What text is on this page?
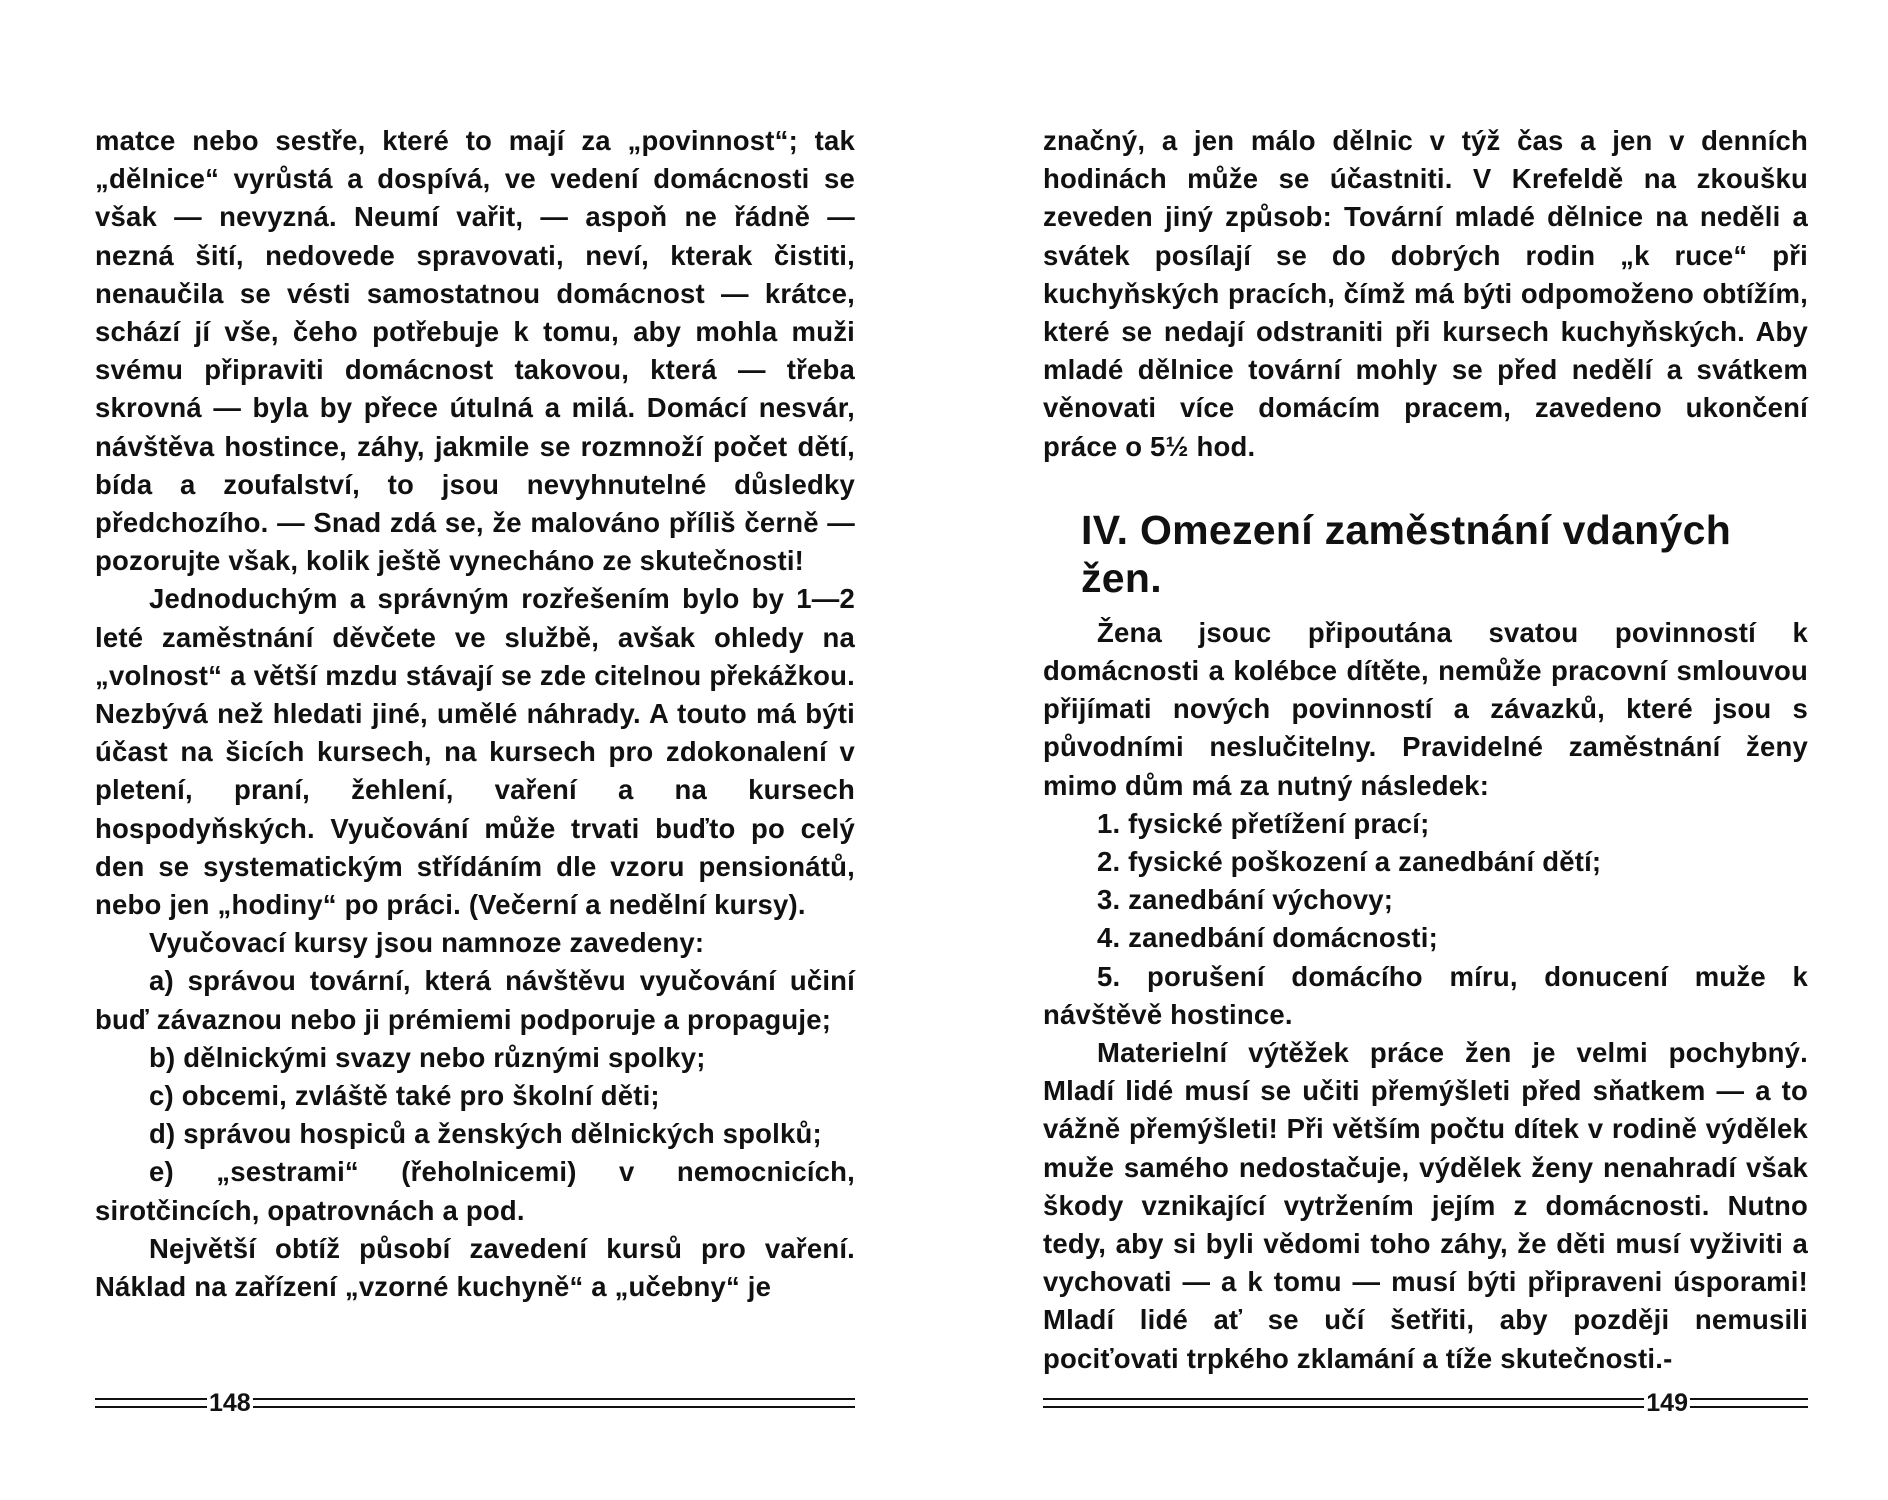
matce nebo sestře, které to mají za „povinnost“; tak „dělnice“ vyrůstá a dospívá, ve vedení domácnosti se však — nevyzná. Neumí vařit, — aspoň ne řádně — nezná šití, nedovede spravovati, neví, kterak čistiti, nenaučila se vésti samostatnou domácnost — krátce, schází jí vše, čeho potřebuje k tomu, aby mohla muži svému připraviti domácnost takovou, která — třeba skrovná — byla by přece útulná a milá. Domácí nesvár, návštěva hostince, záhy, jakmile se rozmnoží počet dětí, bída a zoufalství, to jsou nevyhnutelné důsledky předchozího. — Snad zdá se, že malováno příliš černě — pozorujte však, kolik ještě vynecháno ze skutečnosti!

Jednoduchým a správným rozřešením bylo by 1—2 leté zaměstnání děvčete ve službě, avšak ohledy na „volnost“ a větší mzdu stávají se zde citelnou překážkou. Nezbývá než hledati jiné, umělé náhrady. A touto má býti účast na šicích kursech, na kursech pro zdokonalení v pletení, praní, žehlení, vaření a na kursech hospodyňských. Vyučování může trvati buďto po celý den se systematickým střídáním dle vzoru pensionátů, nebo jen „hodiny“ po práci. (Večerní a nedělní kursy).

Vyučovací kursy jsou namnoze zavedeny:

a) správou tovární, která návštěvu vyučování učiní buď závaznou nebo ji prémiemi podporuje a propaguje;

b) dělnickými svazy nebo různými spolky;

c) obcemi, zvláště také pro školní děti;

d) správou hospiců a ženských dělnických spolků;

e) „sestrami“ (řeholnicemi) v nemocnicích, sirotčincích, opatrovnách a pod.

Největší obtíž působí zavedení kursů pro vaření. Náklad na zařízení „vzorné kuchyně“ a „učebny“ je

148

značný, a jen málo dělnic v týž čas a jen v denních hodinách může se účastniti. V Krefeldě na zkoušku zeveden jiný způsob: Tovární mladé dělnice na neděli a svátek posílají se do dobrých rodin „k ruce“ při kuchyňských pracích, čímž má býti odpomoženo obtížím, které se nedají odstraniti při kursech kuchyňských. Aby mladé dělnice tovární mohly se před nedělí a svátkem věnovati více domácím pracem, zavedeno ukončení práce o 5½ hod.

IV. Omezení zaměstnání vdaných žen.

Žena jsouc připoutána svatou povinností k domácnosti a kolébce dítěte, nemůže pracovní smlouvou přijímati nových povinností a závazků, které jsou s původními neslučitelny. Pravidelné zaměstnání ženy mimo dům má za nutný následek:

1. fysické přetížení prací;

2. fysické poškození a zanedbání dětí;

3. zanedbání výchovy;

4. zanedbání domácnosti;

5. porušení domácího míru, donucení muže k návštěvě hostince.

Materielní výtěžek práce žen je velmi pochybný. Mladí lidé musí se učiti přemýšleti před sňatkem — a to vážně přemýšleti! Při větším počtu dítek v rodině výdělek muže samého nedostačuje, výdělek ženy nenahradí však škody vznikající vytržením jejím z domácnosti. Nutno tedy, aby si byli vědomi toho záhy, že děti musí vyživiti a vychovati — a k tomu — musí býti připraveni úsporami! Mladí lidé ať se učí šetřiti, aby později nemusili pociťovati trpkého zklamání a tíže skutečnosti.-

149
